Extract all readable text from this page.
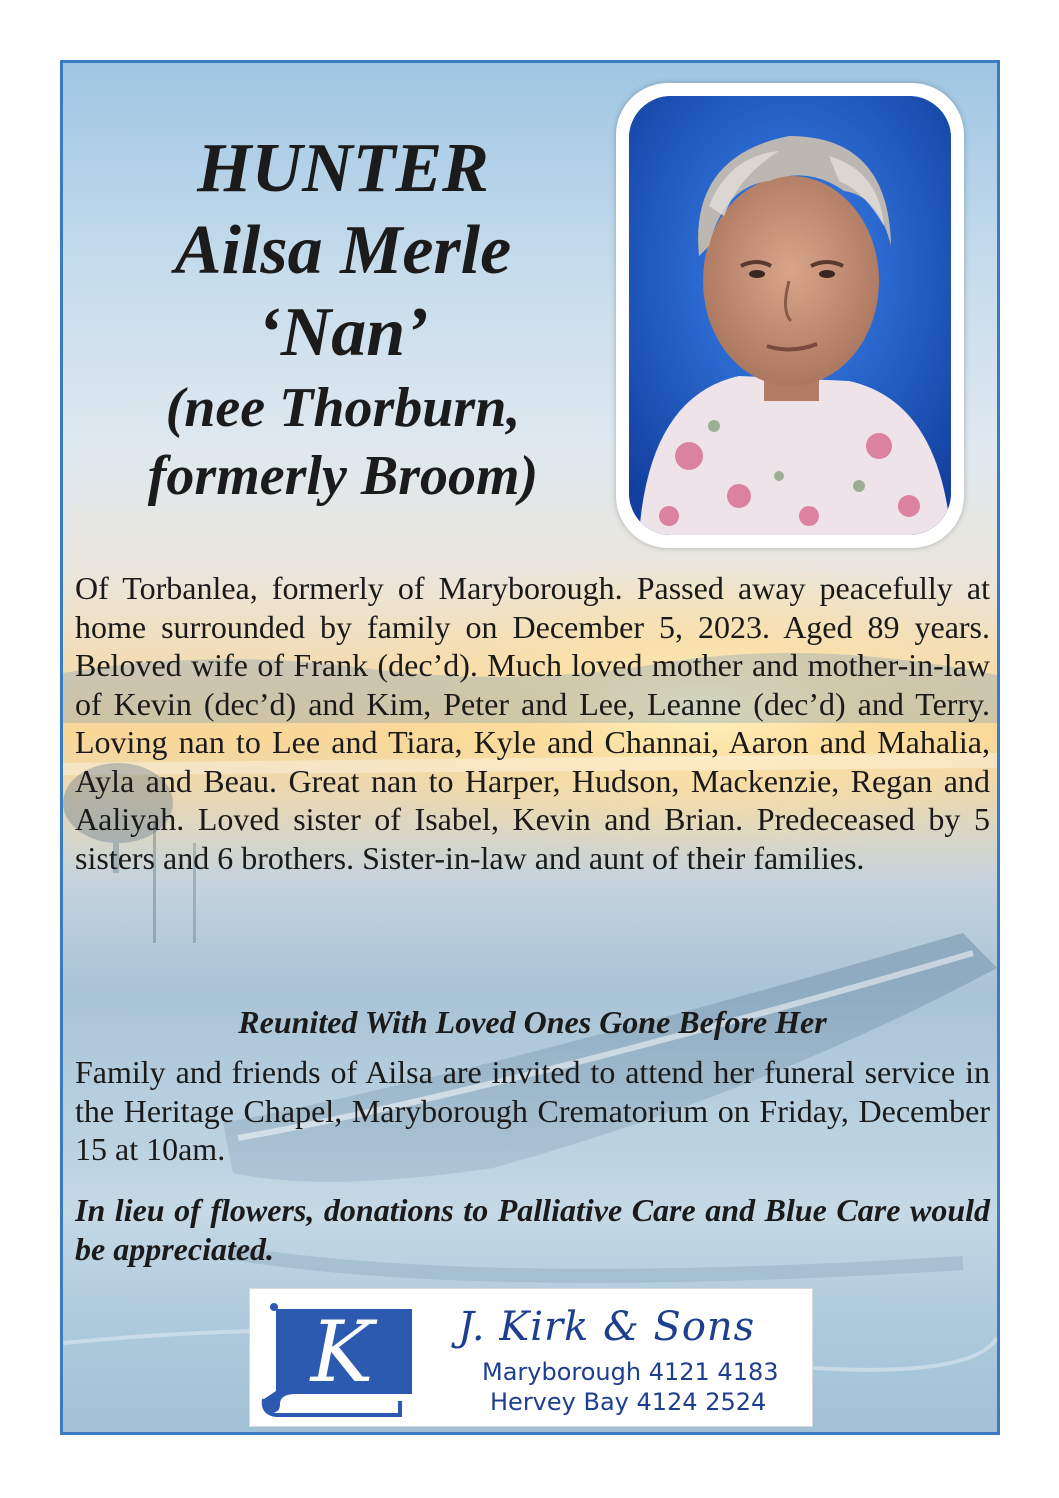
HUNTER
Ailsa Merle
‘Nan’
(nee Thorburn,
formerly Broom)

Of Torbanlea, formerly of Maryborough. Passed away peacefully at home surrounded by family on December 5, 2023. Aged 89 years. Beloved wife of Frank (dec’d). Much loved mother and mother-in-law of Kevin (dec’d) and Kim, Peter and Lee, Leanne (dec’d) and Terry. Loving nan to Lee and Tiara, Kyle and Channai, Aaron and Mahalia, Ayla and Beau. Great nan to Harper, Hudson, Mackenzie, Regan and Aaliyah. Loved sister of Isabel, Kevin and Brian. Predeceased by 5 sisters and 6 brothers. Sister-in-law and aunt of their families.

Reunited With Loved Ones Gone Before Her

Family and friends of Ailsa are invited to attend her funeral service in the Heritage Chapel, Maryborough Crematorium on Friday, December 15 at 10am.

In lieu of flowers, donations to Palliative Care and Blue Care would be appreciated.

K J. Kirk & Sons
Maryborough 4121 4183
Hervey Bay 4124 2524
